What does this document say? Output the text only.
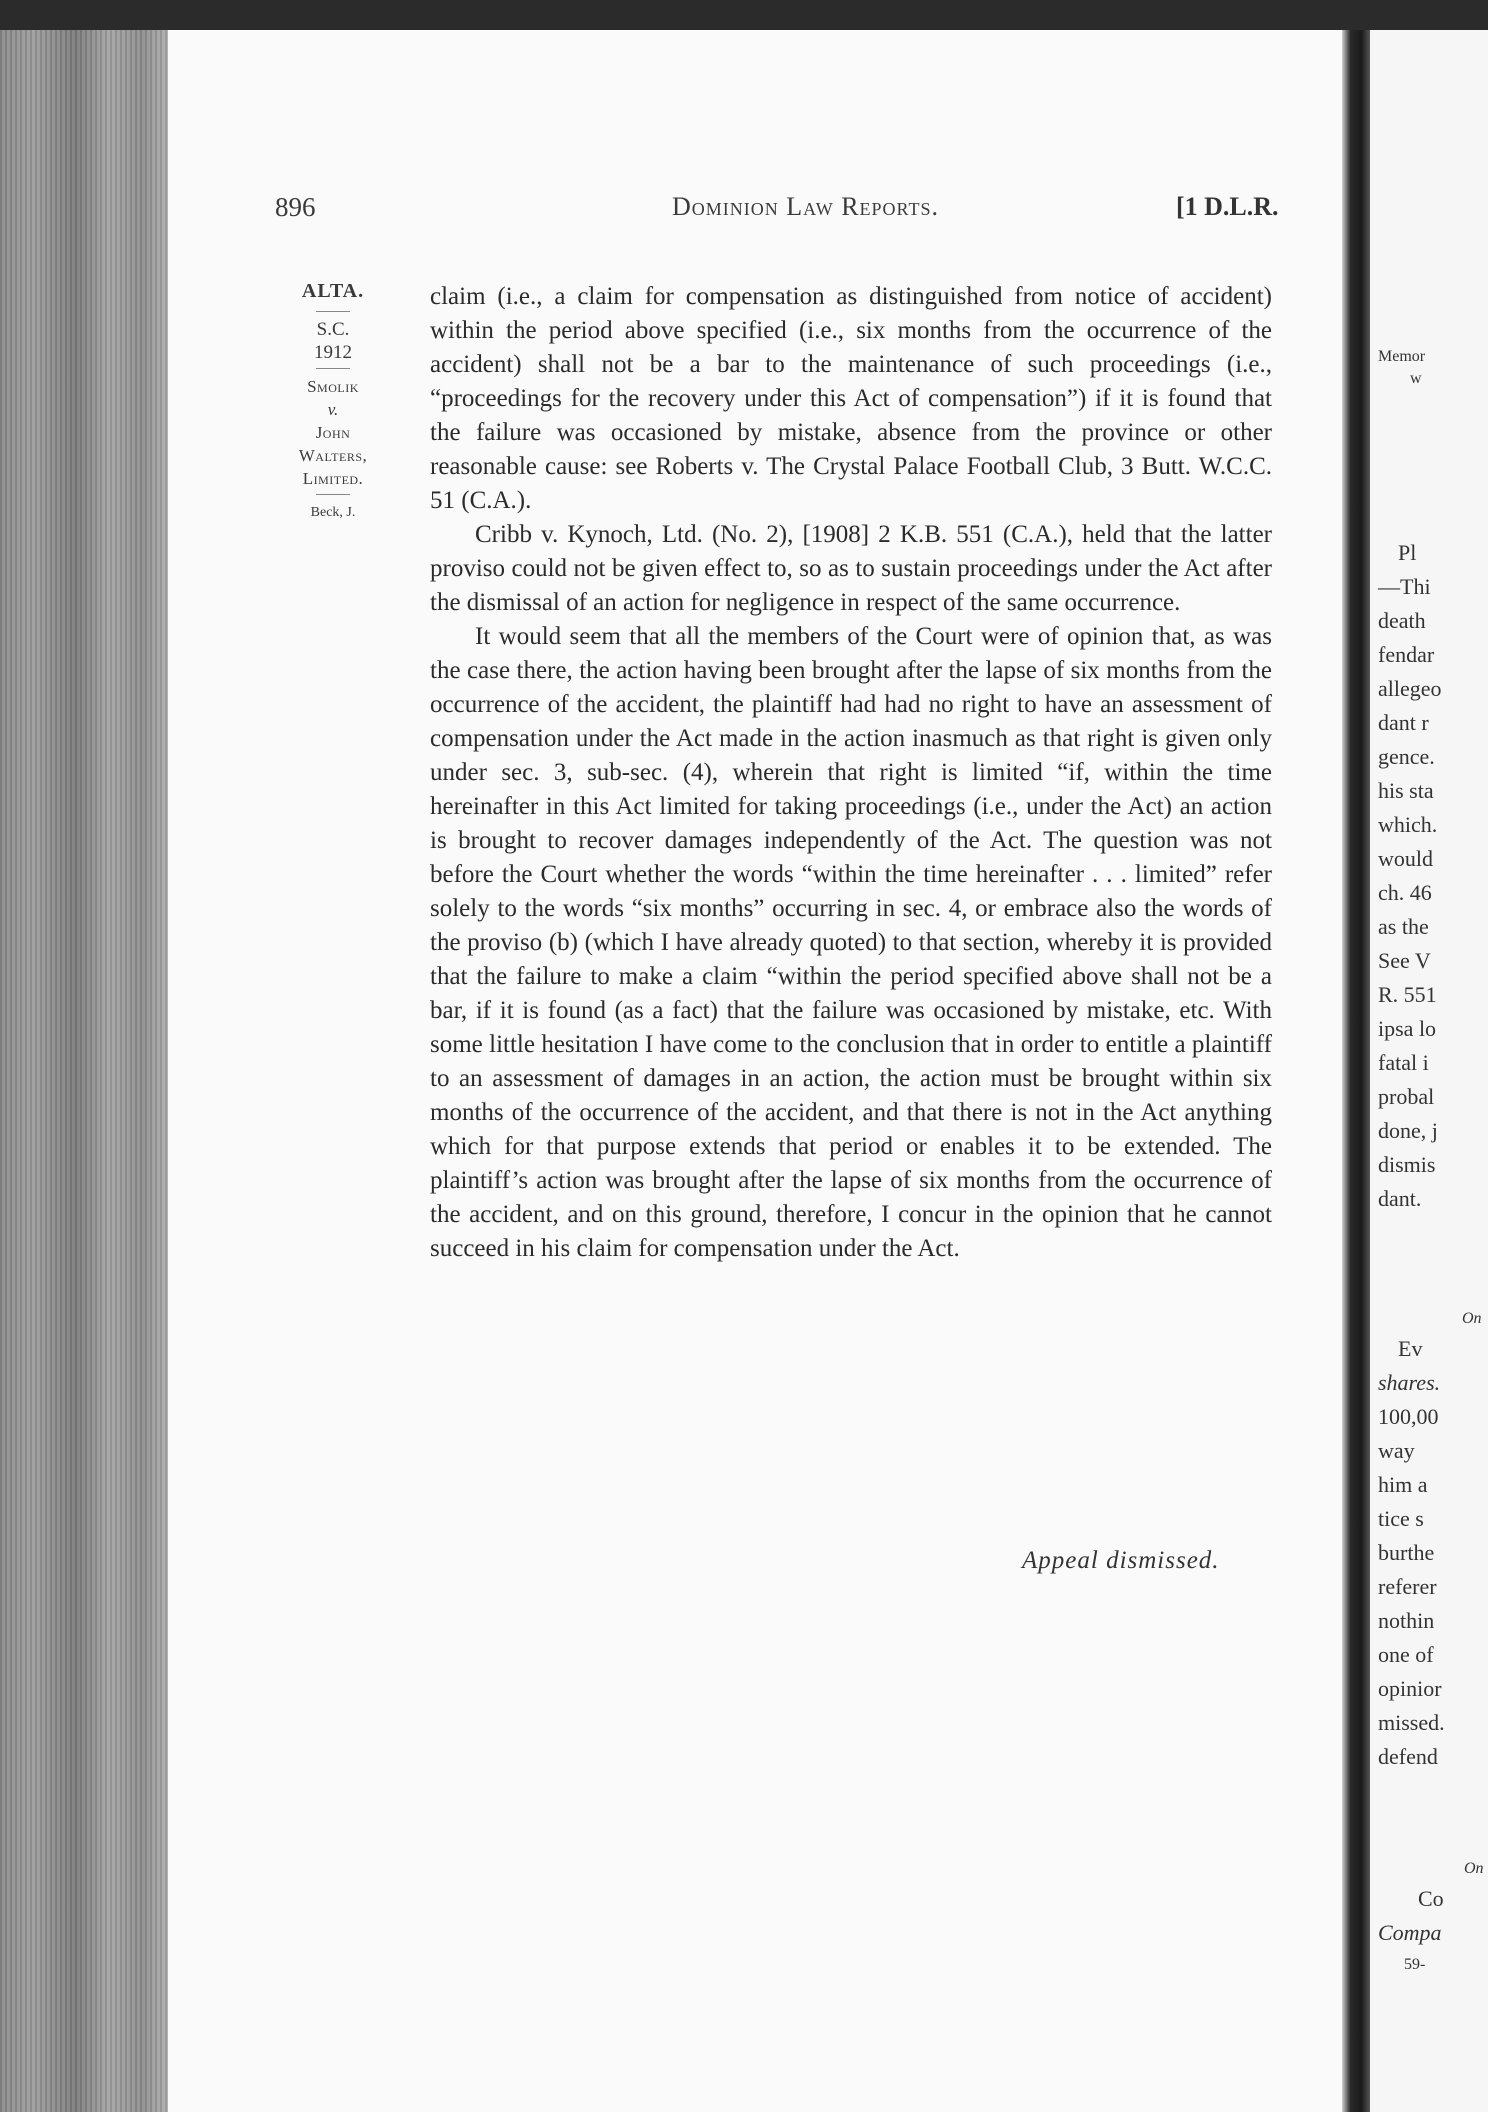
896	Dominion Law Reports.	[1 D.L.R.
ALTA.
S.C.
1912
Smolik
v.
John
Walters,
Limited.
Beck, J.

claim (i.e., a claim for compensation as distinguished from notice of accident) within the period above specified (i.e., six months from the occurrence of the accident) shall not be a bar to the maintenance of such proceedings (i.e., “proceedings for the recovery under this Act of compensation”) if it is found that the failure was occasioned by mistake, absence from the province or other reasonable cause: see Roberts v. The Crystal Palace Football Club, 3 Butt. W.C.C. 51 (C.A.).

Cribb v. Kynoch, Ltd. (No. 2), [1908] 2 K.B. 551 (C.A.), held that the latter proviso could not be given effect to, so as to sustain proceedings under the Act after the dismissal of an action for negligence in respect of the same occurrence.

It would seem that all the members of the Court were of opinion that, as was the case there, the action having been brought after the lapse of six months from the occurrence of the accident, the plaintiff had had no right to have an assessment of compensation under the Act made in the action inasmuch as that right is given only under sec. 3, sub-sec. (4), wherein that right is limited “if, within the time hereinafter in this Act limited for taking proceedings (i.e., under the Act) an action is brought to recover damages independently of the Act. The question was not before the Court whether the words “within the time hereinafter . . . limited” refer solely to the words “six months” occurring in sec. 4, or embrace also the words of the proviso (b) (which I have already quoted) to that section, whereby it is provided that the failure to make a claim “within the period specified above shall not be a bar, if it is found (as a fact) that the failure was occasioned by mistake, etc. With some little hesitation I have come to the conclusion that in order to entitle a plaintiff to an assessment of damages in an action, the action must be brought within six months of the occurrence of the accident, and that there is not in the Act anything which for that purpose extends that period or enables it to be extended. The plaintiff’s action was brought after the lapse of six months from the occurrence of the accident, and on this ground, therefore, I concur in the opinion that he cannot succeed in his claim for compensation under the Act.

Appeal dismissed.
Memor
w
Pl
—Thi
death
fendar
allegeo
dant r
gence.
his sta
which.
would
ch. 46
as the
See V
R. 551
ipsa lo
fatal i
probal
done, j
dismis
dant.
On
Ev
shares.
100,00
way
him a
tice s
burthe
referer
nothin
one of
opinior
missed.
defend
On
Co
Compa
59-
